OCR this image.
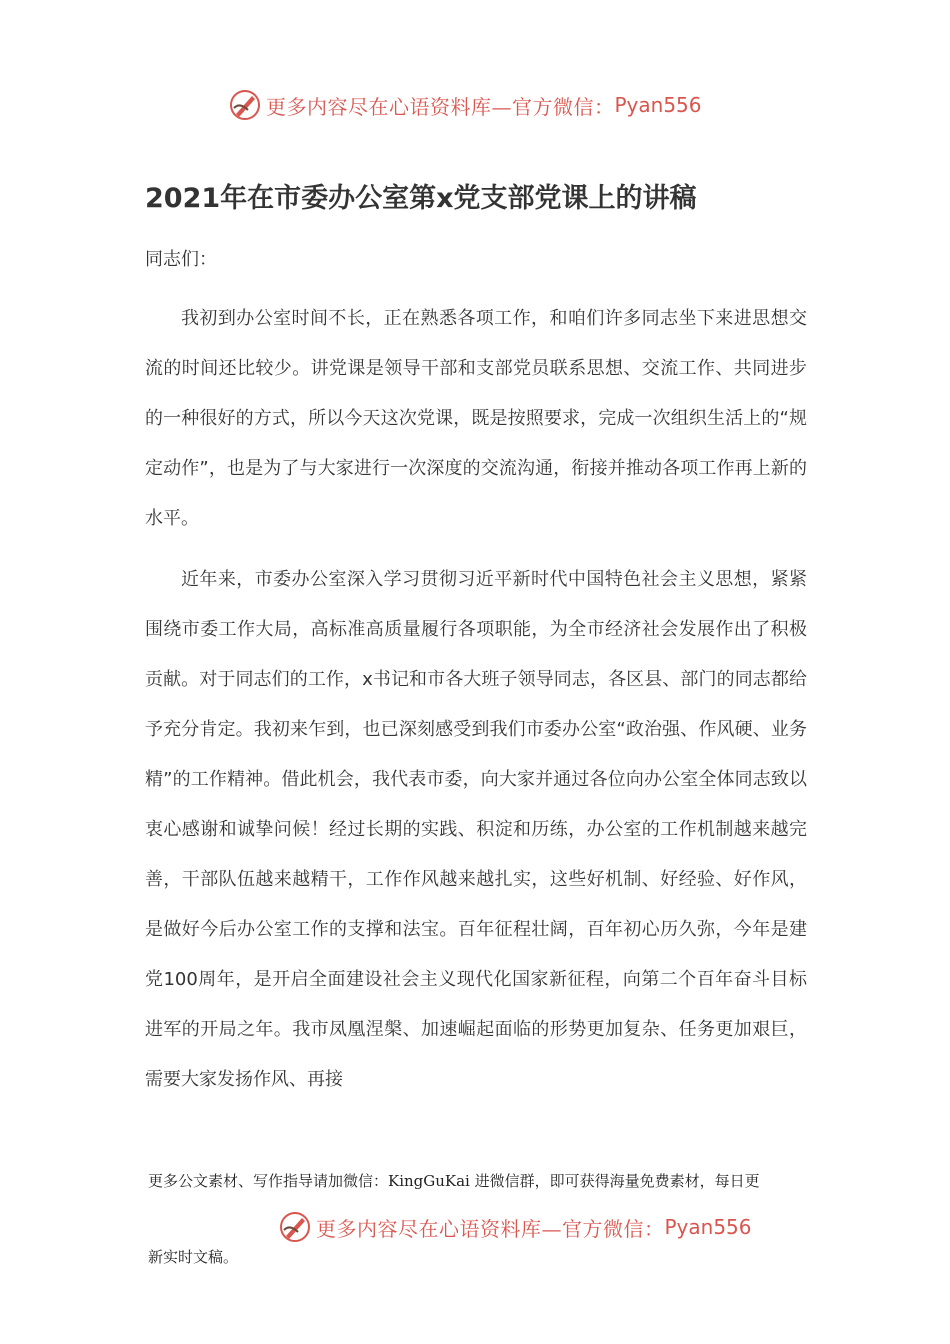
更多内容尽在心语资料库—官方微信： Pyan556
2021年在市委办公室第x党支部党课上的讲稿

同志们：

我初到办公室时间不长，正在熟悉各项工作，和咱们许多同志坐下来进思想交流的时间还比较少。讲党课是领导干部和支部党员联系思想、交流工作、共同进步的一种很好的方式，所以今天这次党课，既是按照要求，完成一次组织生活上的“规定动作”，也是为了与大家进行一次深度的交流沟通，衔接并推动各项工作再上新的水平。

近年来，市委办公室深入学习贯彻习近平新时代中国特色社会主义思想，紧紧围绕市委工作大局，高标准高质量履行各项职能，为全市经济社会发展作出了积极贡献。对于同志们的工作，x书记和市各大班子领导同志，各区县、部门的同志都给予充分肯定。我初来乍到，也已深刻感受到我们市委办公室“政治强、作风硬、业务精”的工作精神。借此机会，我代表市委，向大家并通过各位向办公室全体同志致以衷心感谢和诚挚问候！经过长期的实践、积淀和历练，办公室的工作机制越来越完善，干部队伍越来越精干，工作作风越来越扎实，这些好机制、好经验、好作风，是做好今后办公室工作的支撑和法宝。百年征程壮阔，百年初心历久弥，今年是建党100周年，是开启全面建设社会主义现代化国家新征程，向第二个百年奋斗目标进军的开局之年。我市凤凰涅槃、加速崛起面临的形势更加复杂、任务更加艰巨，需要大家发扬作风、再接

更多公文素材、写作指导请加微信：KingGuKai 进微信群，即可获得海量免费素材，每日更

更多内容尽在心语资料库—官方微信： Pyan556

新实时文稿。
